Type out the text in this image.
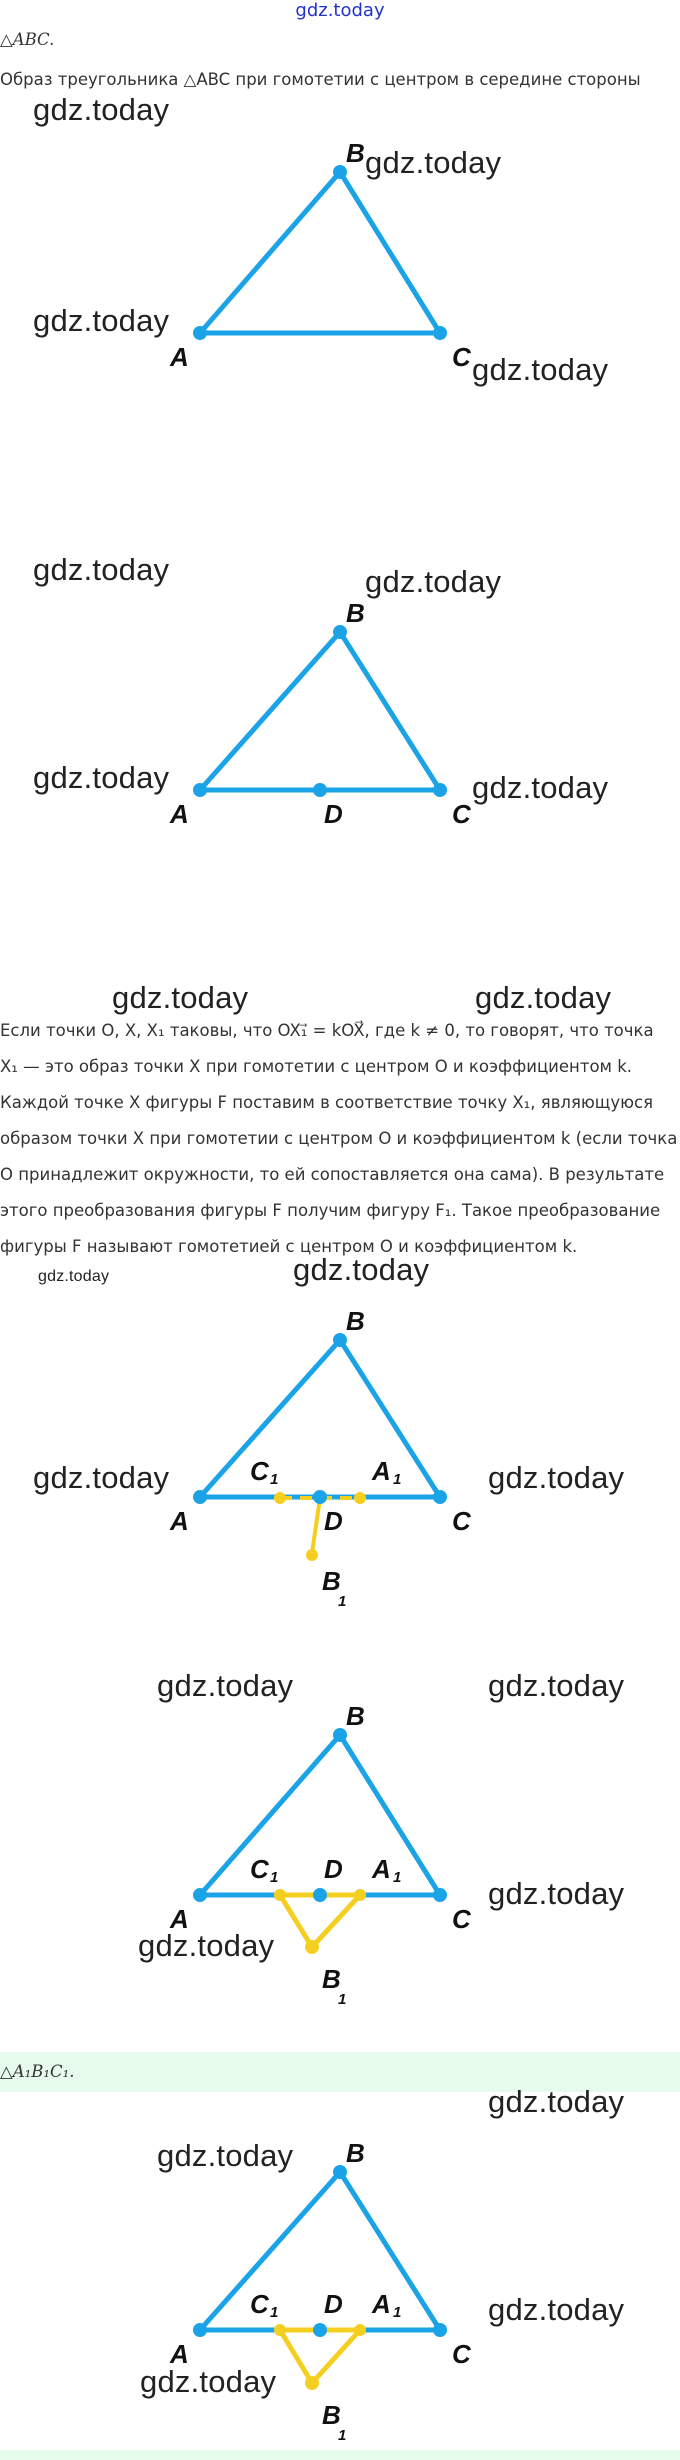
gdz.today
△ABC.
Образ треугольника △ABC при гомотетии с центром в середине стороны
B
A	C
B
A	C
D
Если точки O, X, X₁ таковы, что OX₁⃗ = kOX⃗, где k ≠ 0, то говорят, что точка
X₁ — это образ точки X при гомотетии с центром O и коэффициентом k.
Каждой точке X фигуры F поставим в соответствие точку X₁, являющуюся
образом точки X при гомотетии с центром O и коэффициентом k (если точка
O принадлежит окружности, то ей сопоставляется она сама). В результате
этого преобразования фигуры F получим фигуру F₁. Такое преобразование
фигуры F называют гомотетией с центром O и коэффициентом k.
B
A	C
D
C 1	A 1
B
1
B
A	C
D
C 1	A 1
B
1
△A₁B₁C₁.
B
A	C
D
C 1	A 1
B
1
gdz.today
gdz.today
gdz.today
gdz.today
gdz.today	gdz.today
gdz.today	gdz.today
gdz.today	gdz.today
gdz.today	gdz.today
gdz.today	gdz.today
gdz.today	gdz.today
gdz.today
gdz.today
gdz.today
gdz.today
gdz.today
gdz.today
